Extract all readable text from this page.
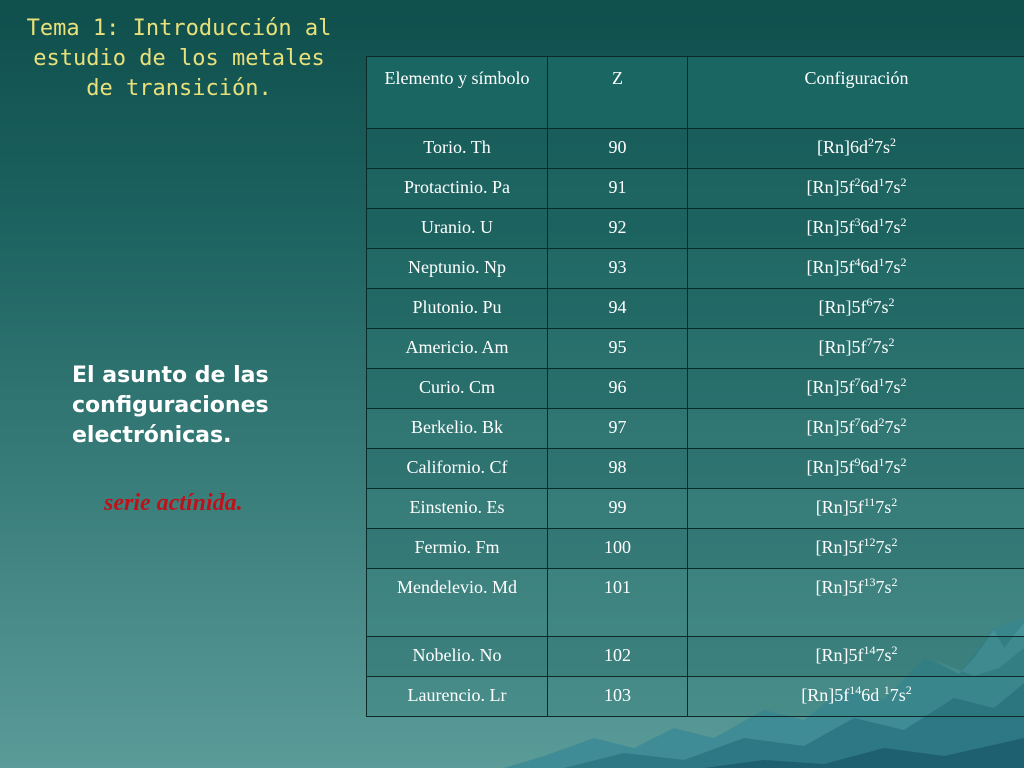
Tema 1: Introducción al estudio de los metales de transición.
El asunto de las configuraciones electrónicas.
serie actínida.
Elemento y símbolo	Z	Configuración
Torio. Th	90	$[Rn]6d^27s^2$
Protactinio. Pa	91	$[Rn]5f^26d^17s^2$
Uranio. U	92	$[Rn]5f^36d^17s^2$
Neptunio. Np	93	$[Rn]5f^46d^17s^2$
Plutonio. Pu	94	$[Rn]5f^67s^2$
Americio. Am	95	$[Rn]5f^77s^2$
Curio. Cm	96	$[Rn]5f^76d^17s^2$
Berkelio. Bk	97	$[Rn]5f^76d^27s^2$
Californio. Cf	98	$[Rn]5f^96d^17s^2$
Einstenio. Es	99	$[Rn]5f^{11}7s^2$
Fermio. Fm	100	$[Rn]5f^{12}7s^2$
Mendelevio. Md	101	$[Rn]5f^{13}7s^2$
Nobelio. No	102	$[Rn]5f^{14}7s^2$
Laurencio. Lr	103	$[Rn]5f^{14}6d$ $^17s^2$
